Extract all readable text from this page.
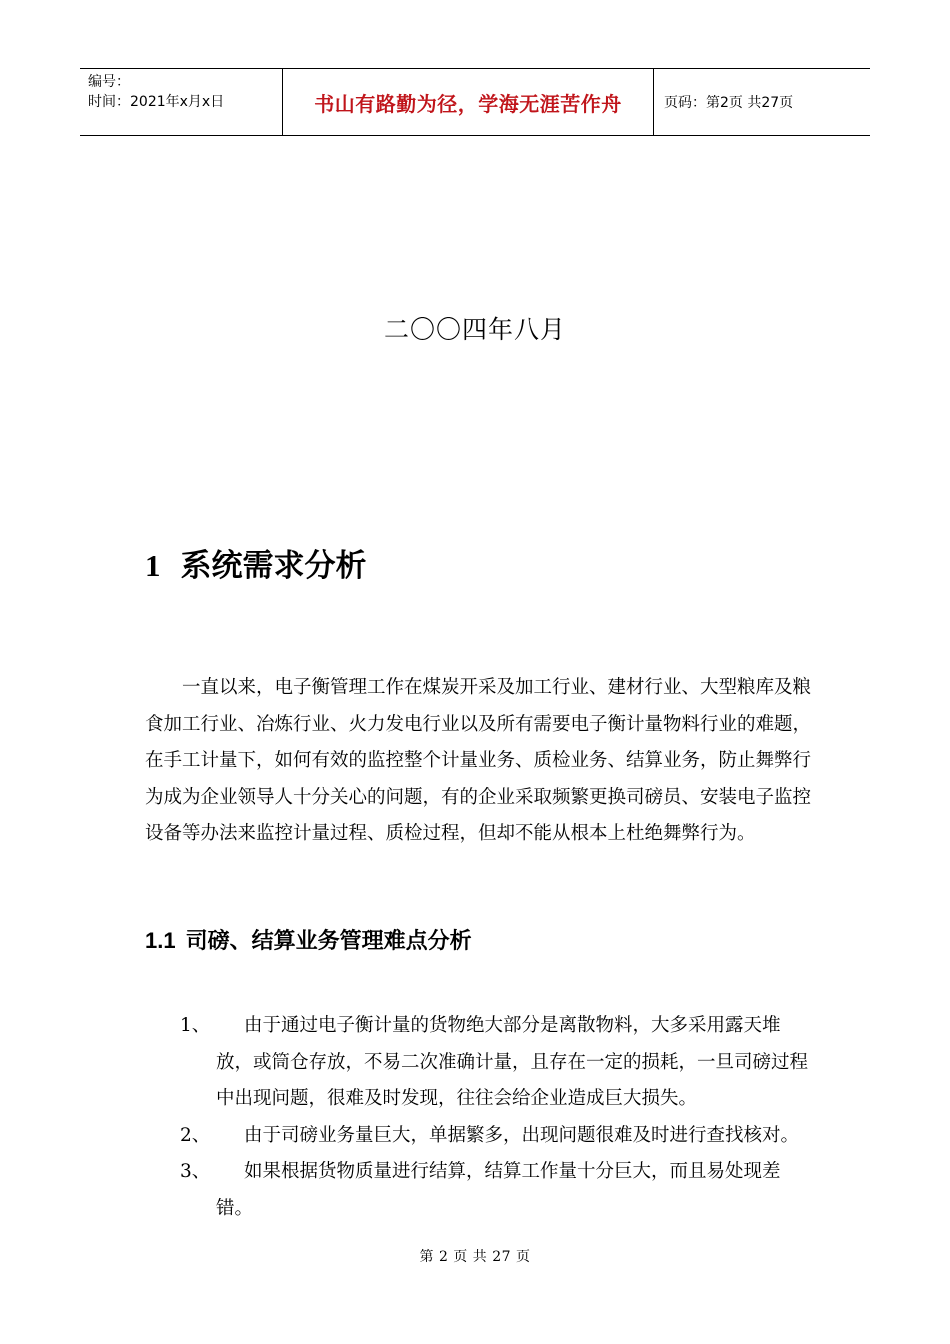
编号：
时间：2021年x月x日	书山有路勤为径，学海无涯苦作舟	页码：第2页 共27页
二〇〇四年八月
1 系统需求分析

一直以来，电子衡管理工作在煤炭开采及加工行业、建材行业、大型粮库及粮食加工行业、冶炼行业、火力发电行业以及所有需要电子衡计量物料行业的难题，在手工计量下，如何有效的监控整个计量业务、质检业务、结算业务，防止舞弊行为成为企业领导人十分关心的问题，有的企业采取频繁更换司磅员、安装电子监控设备等办法来监控计量过程、质检过程，但却不能从根本上杜绝舞弊行为。

1.1 司磅、结算业务管理难点分析
1、	由于通过电子衡计量的货物绝大部分是离散物料，大多采用露天堆
放，或筒仓存放，不易二次准确计量，且存在一定的损耗，一旦司磅过程中出现问题，很难及时发现，往往会给企业造成巨大损失。
2、	由于司磅业务量巨大，单据繁多，出现问题很难及时进行查找核对。
3、	如果根据货物质量进行结算，结算工作量十分巨大，而且易处现差
错。
第 2 页 共 27 页
